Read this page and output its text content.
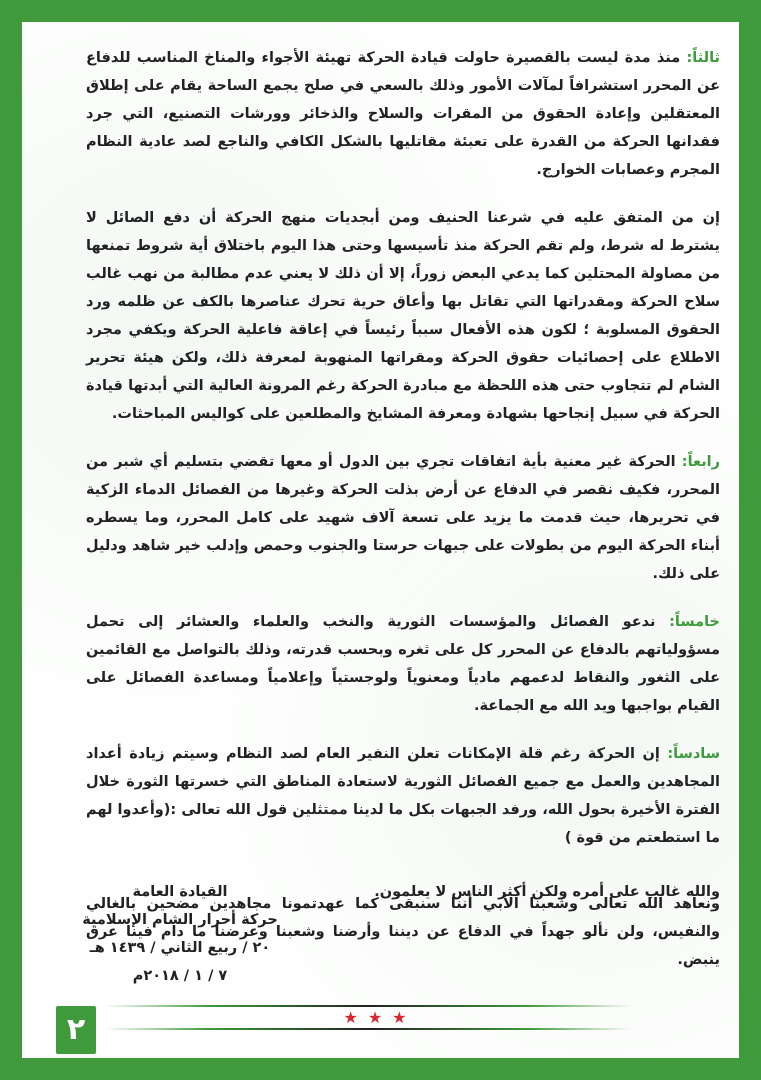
ثالثاً: منذ مدة ليست بالقصيرة حاولت قيادة الحركة تهيئة الأجواء والمناخ المناسب للدفاع عن المحرر استشرافاً لمآلات الأمور وذلك بالسعي في صلح يجمع الساحة يقام على إطلاق المعتقلين وإعادة الحقوق من المقرات والسلاح والذخائر وورشات التصنيع، التي جرد فقدانها الحركة من القدرة على تعبئة مقاتليها بالشكل الكافي والناجع لصد عادية النظام المجرم وعصابات الخوارج.

إن من المتفق عليه في شرعنا الحنيف ومن أبجديات منهج الحركة أن دفع الصائل لا يشترط له شرط، ولم تقم الحركة منذ تأسيسها وحتى هذا اليوم باختلاق أية شروط تمنعها من مصاولة المحتلين كما يدعي البعض زوراً، إلا أن ذلك لا يعني عدم مطالبة من نهب غالب سلاح الحركة ومقدراتها التي تقاتل بها وأعاق حرية تحرك عناصرها بالكف عن ظلمه ورد الحقوق المسلوبة ؛ لكون هذه الأفعال سبباً رئيساً في إعاقة فاعلية الحركة ويكفي مجرد الاطلاع على إحصائيات حقوق الحركة ومقراتها المنهوبة لمعرفة ذلك، ولكن هيئة تحرير الشام لم تتجاوب حتى هذه اللحظة مع مبادرة الحركة رغم المرونة العالية التي أبدتها قيادة الحركة في سبيل إنجاحها بشهادة ومعرفة المشايخ والمطلعين على كواليس المباحثات.

رابعاً: الحركة غير معنية بأية اتفاقات تجري بين الدول أو معها تقضي بتسليم أي شبر من المحرر، فكيف نقصر في الدفاع عن أرض بذلت الحركة وغيرها من الفصائل الدماء الزكية في تحريرها، حيث قدمت ما يزيد على تسعة آلاف شهيد على كامل المحرر، وما يسطره أبناء الحركة اليوم من بطولات على جبهات حرستا والجنوب وحمص وإدلب خير شاهد ودليل على ذلك.

خامساً: ندعو الفصائل والمؤسسات الثورية والنخب والعلماء والعشائر إلى تحمل مسؤولياتهم بالدفاع عن المحرر كل على ثغره وبحسب قدرته، وذلك بالتواصل مع القائمين على الثغور والنقاط لدعمهم مادياً ومعنوياً ولوجستياً وإعلامياً ومساعدة الفصائل على القيام بواجبها ويد الله مع الجماعة.

سادساً: إن الحركة رغم قلة الإمكانات تعلن النفير العام لصد النظام وسيتم زيادة أعداد المجاهدين والعمل مع جميع الفصائل الثورية لاستعادة المناطق التي خسرتها الثورة خلال الفترة الأخيرة بحول الله، ورفد الجبهات بكل ما لدينا ممتثلين قول الله تعالى :(وأعدوا لهم ما استطعتم من قوة )

ونعاهد الله تعالى وشعبنا الأبي أننا سنبقى كما عهدتمونا مجاهدين مضحين بالغالي والنفيس، ولن نألو جهداً في الدفاع عن ديننا وأرضنا وشعبنا وعرضنا ما دام فينا عرق ينبض.

والله غالب على أمره ولكن أكثر الناس لا يعلمون.
القيادة العامة
حركة أحرار الشام الإسلامية
٢٠ / ربيع الثاني / ١٤٣٩ هـ
٧ / ١ / ٢٠١٨م
★★★
٢
